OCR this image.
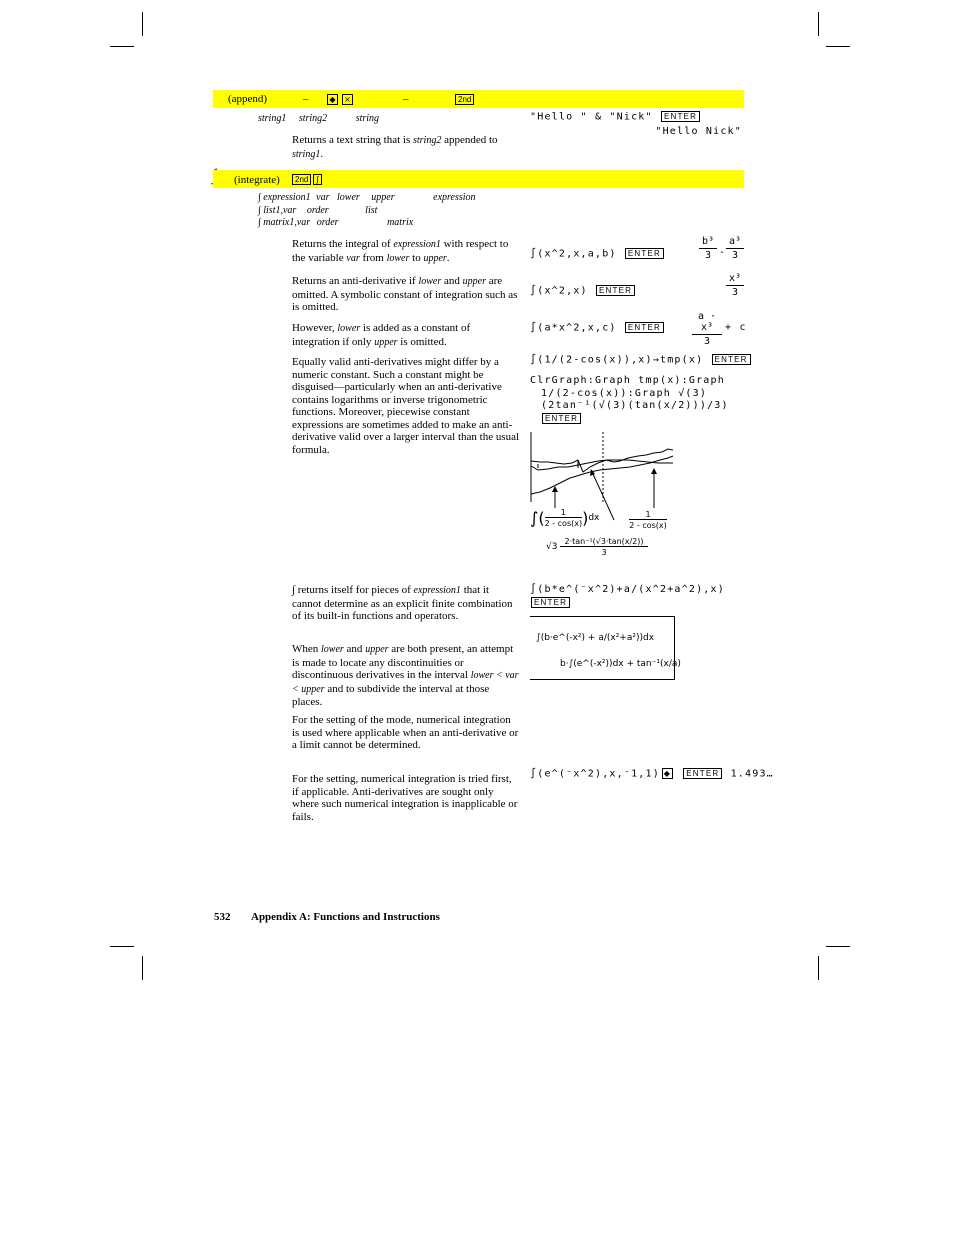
(append)	–	◆ ×	–	2nd
string1 string2	string
Returns a text string that is string2 appended to string1.
"Hello " & "Nick" ENTER
"Hello Nick"
(integrate)	2nd ∫
∫ expression1 var lower upper	expression
∫ list1,var order	list
∫ matrix1,var order	matrix
Returns the integral of expression1 with respect to the variable var from lower to upper.
Returns an anti-derivative if lower and upper are omitted. A symbolic constant of integration such as is omitted.
However, lower is added as a constant of integration if only upper is omitted.
Equally valid anti-derivatives might differ by a numeric constant. Such a constant might be disguised—particularly when an anti-derivative contains logarithms or inverse trigonometric functions. Moreover, piecewise constant expressions are sometimes added to make an anti-derivative valid over a larger interval than the usual formula.
∫ returns itself for pieces of expression1 that it cannot determine as an explicit finite combination of its built-in functions and operators.
When lower and upper are both present, an attempt is made to locate any discontinuities or discontinuous derivatives in the interval lower < var < upper and to subdivide the interval at those places.
For the setting of the mode, numerical integration is used where applicable when an anti-derivative or a limit cannot be determined.
For the setting, numerical integration is tried first, if applicable. Anti-derivatives are sought only where such numerical integration is inapplicable or fails.
∫(x^2,x,a,b) ENTER
b³
3 -
a³
3
∫(x^2,x) ENTER
x³
3
∫(a*x^2,x,c) ENTER
a · x³
3
+ c
∫(1/(2-cos(x)),x)→tmp(x) ENTER
ClrGraph:Graph tmp(x):Graph
1/(2-cos(x)):Graph √(3)
(2tan⁻¹(√(3)(tan(x/2)))/3)
ENTER
$\int(\frac{1}{2 - \cos(x)})dx$	1
2 - cos(x)
$√3 \frac{\text{2·tan⁻¹(√3·tan(x/2))}}{3}$
∫(b*e^(⁻x^2)+a/(x^2+a^2),x)
ENTER
∫(b·e^(-x²) + a/(x²+a²))dx
b·∫(e^(-x²))dx + tan⁻¹(x/a)
∫(e^(⁻x^2),x,⁻1,1) ◆ ENTER 1.493…
532 Appendix A: Functions and Instructions
